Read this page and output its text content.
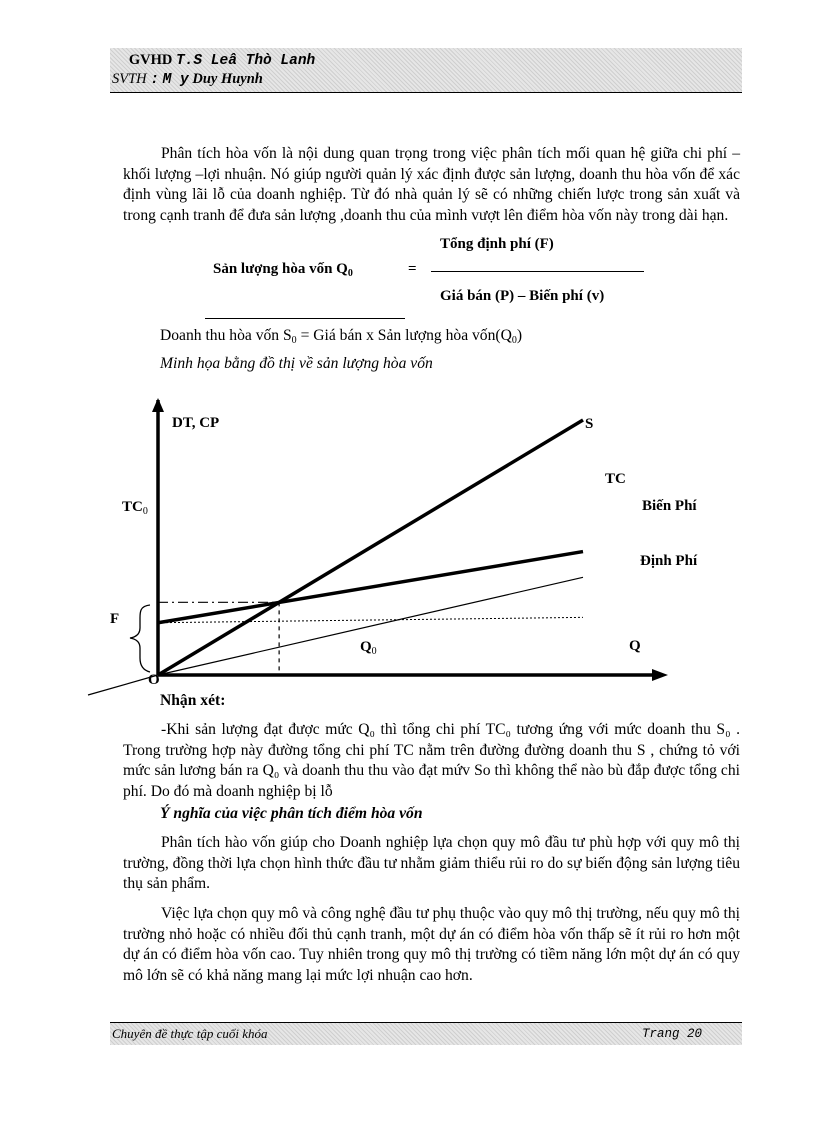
GVHD T.S Leâ Thò Lanh
SVTH : M y Duy Huynh

Phân tích hòa vốn là nội dung quan trọng trong việc phân tích mối quan hệ giữa chi phí –khối lượng –lợi nhuận. Nó giúp người quản lý xác định được sản lượng, doanh thu hòa vốn để xác định vùng lãi lỗ của doanh nghiệp. Từ đó nhà quản lý sẽ có những chiến lược trong sản xuất và trong cạnh tranh để đưa sản lượng ,doanh thu của mình vượt lên điểm hòa vốn này trong dài hạn.

Sản lượng hòa vốn $Q_0$	=
Tổng định phí (F)
Giá bán (P) – Biến phí (v)
Doanh thu hòa vốn $S_0$ = Giá bán x Sản lượng hòa $vốn(Q_0)$
Minh họa bằng đồ thị về sản lượng hòa vốn
DT, CP
Q
O
S
TC
Biến Phí
Định Phí
$TC_0$
$Q_0$
F
Nhận xét:

-Khi sản lượng đạt được mức Q₀ thì tổng chi phí TC₀ tương ứng với mức doanh thu S₀ . Trong trường hợp này đường tổng chi phí TC nằm trên đường đường doanh thu S , chứng tỏ với mức sản lương bán ra Q₀ và doanh thu thu vào đạt mứv So thì không thể nào bù đắp được tổng chi phí. Do đó mà doanh nghiệp bị lỗ

Ý nghĩa của việc phân tích điểm hòa vốn

Phân tích hào vốn giúp cho Doanh nghiệp lựa chọn quy mô đầu tư phù hợp với quy mô thị trường, đồng thời lựa chọn hình thức đầu tư nhằm giảm thiểu rủi ro do sự biến động sản lượng tiêu thụ sản phẩm.

Việc lựa chọn quy mô và công nghệ đầu tư phụ thuộc vào quy mô thị trường, nếu quy mô thị trường nhỏ hoặc có nhiều đối thủ cạnh tranh, một dự án có điểm hòa vốn thấp sẽ ít rủi ro hơn một dự án có điểm hòa vốn cao. Tuy nhiên trong quy mô thị trường có tiềm năng lớn một dự án có quy mô lớn sẽ có khả năng mang lại mức lợi nhuận cao hơn.

Chuyên đề thực tập cuối khóa	Trang 20
